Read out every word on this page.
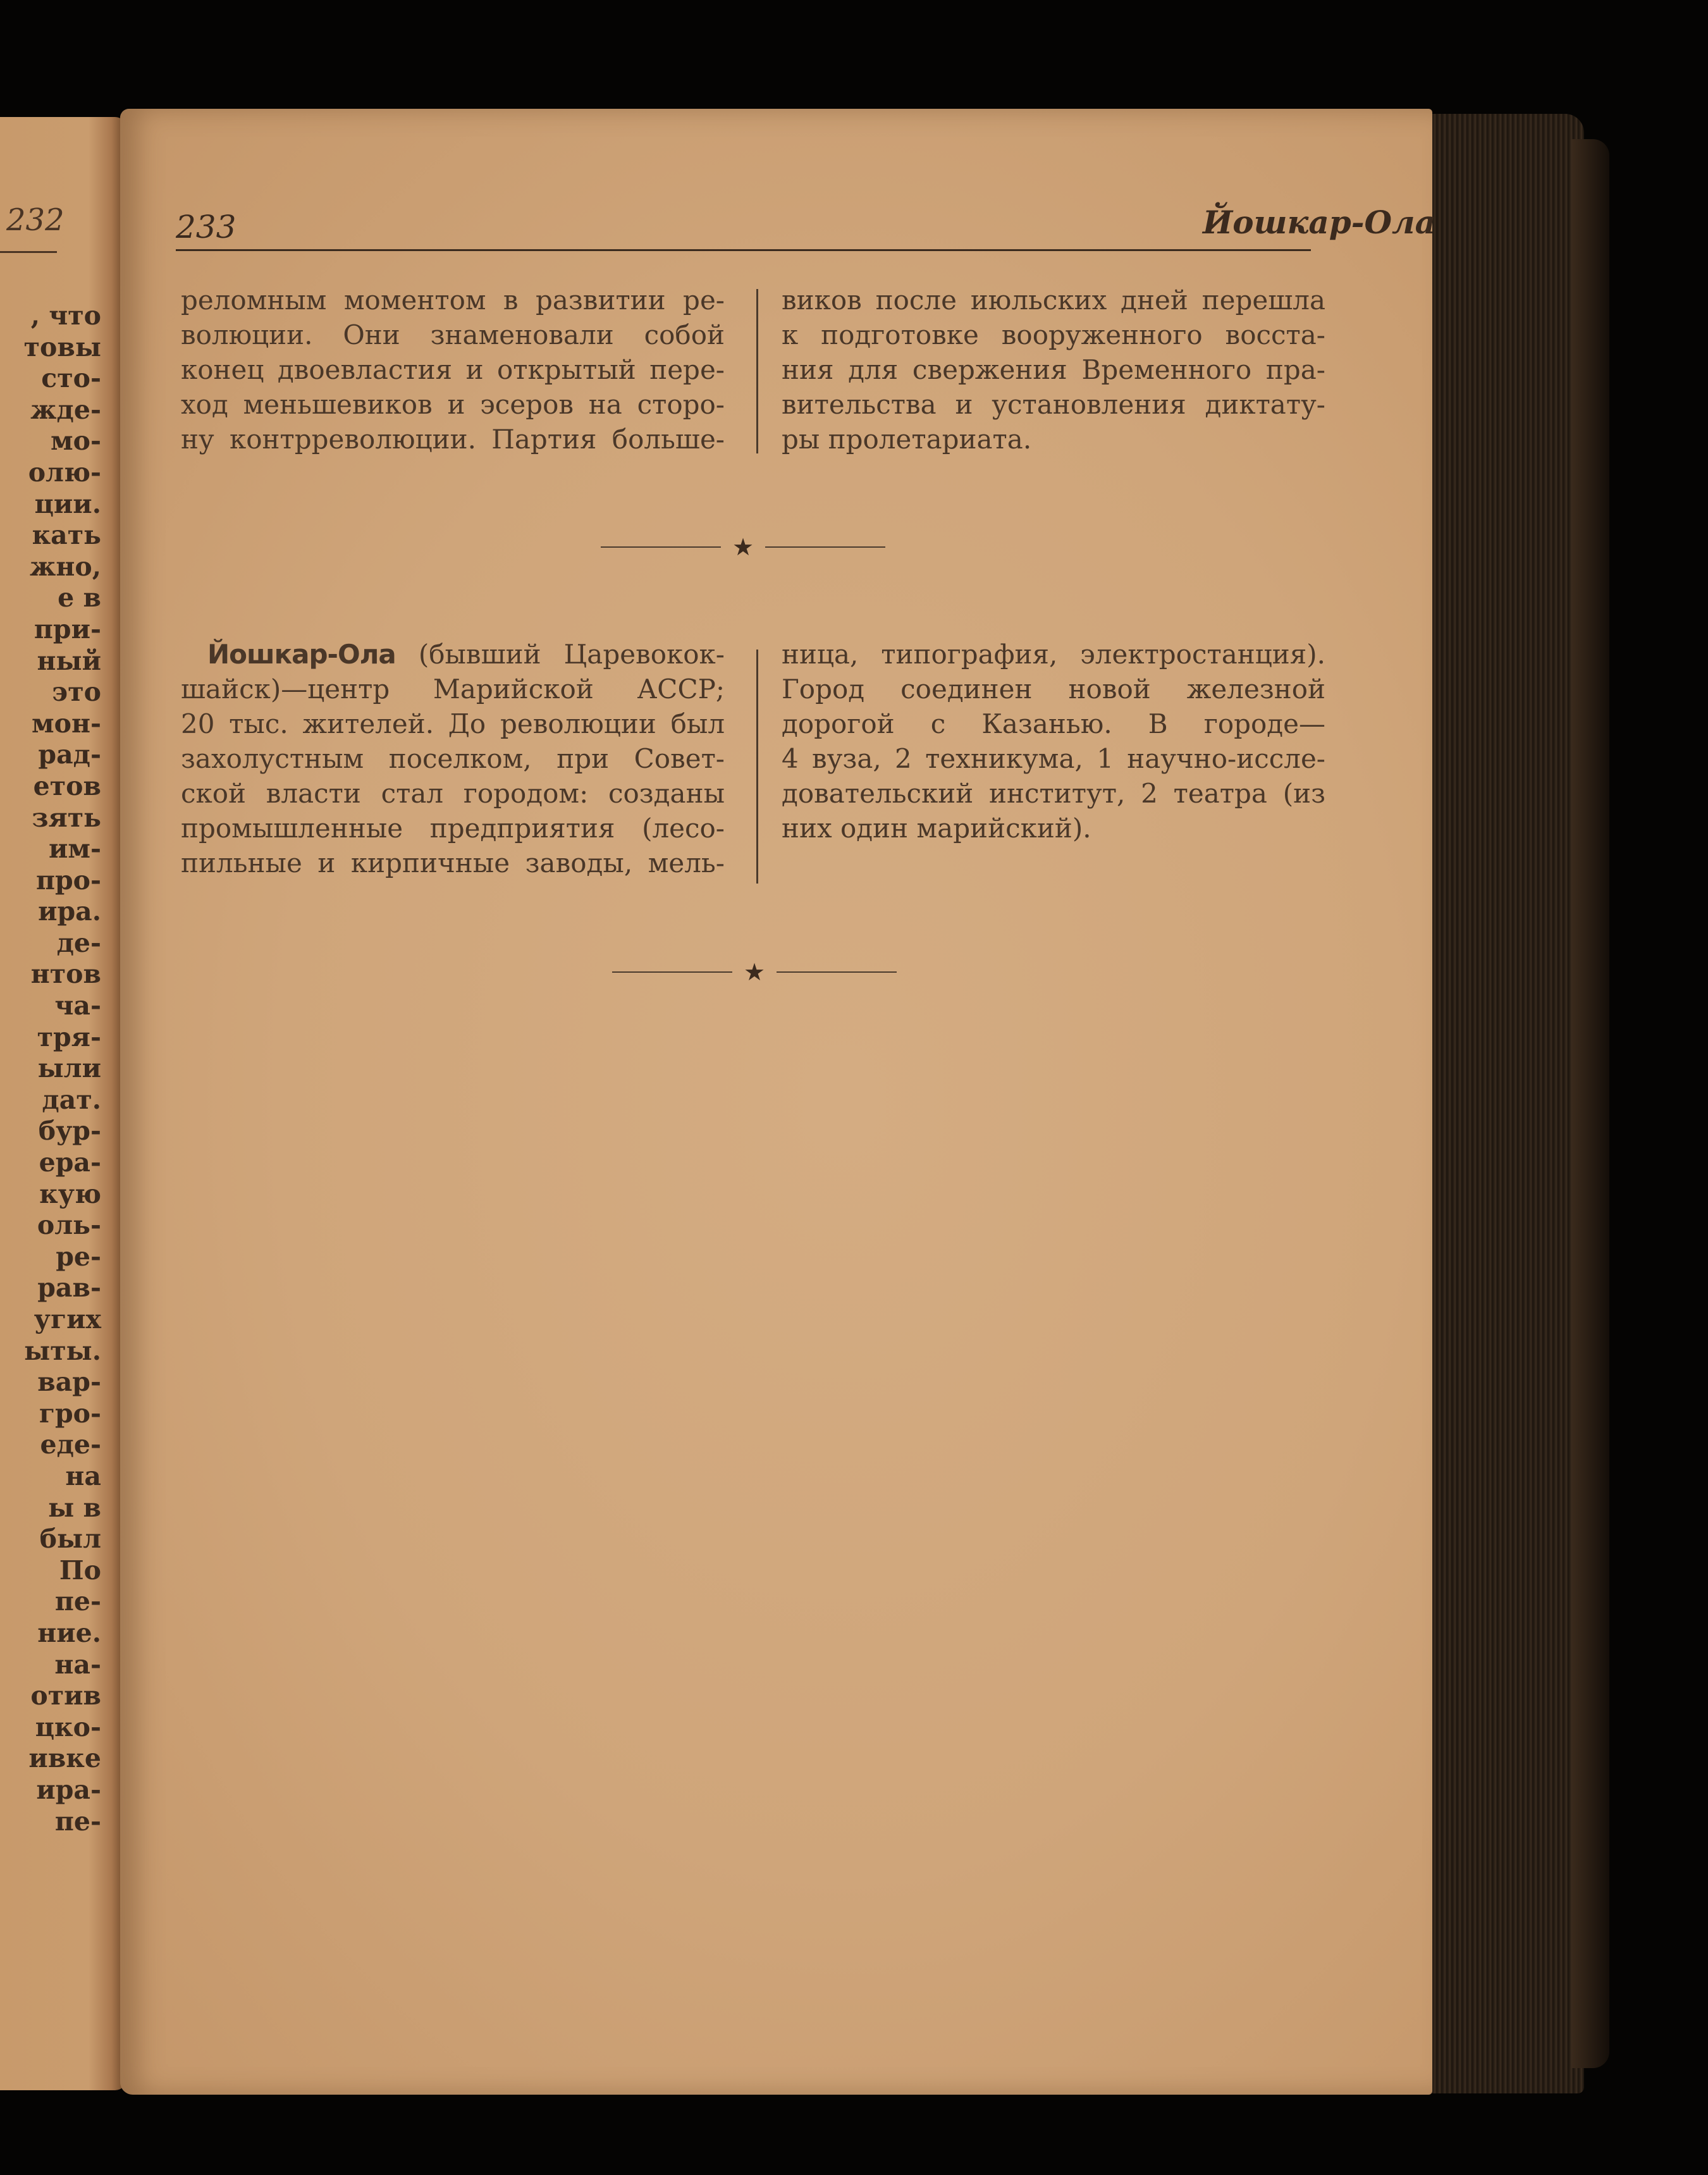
232
, что
товы
сто-
жде-
мо-
олю-
ции.
кать
жно,
е в
при-
ный
это
мон-
рад-
етов
зять
им-
про-
ира.
де-
нтов
ча-
тря-
ыли
дат.
бур-
ера-
кую
оль-
ре-
рав-
угих
ыты.
вар-
гро-
еде-
на
ы в
был
По
пе-
ние.
на-
отив
цко-
ивке
ира-
пе-
233	Йошкар-Ола
реломным моментом в развитии ре-
волюции. Они знаменовали собой
конец двоевластия и открытый пере-
ход меньшевиков и эсеров на сторо-
ну контрреволюции. Партия больше-
виков после июльских дней перешла
к подготовке вооруженного восста-
ния для свержения Временного пра-
вительства и установления диктату-
ры пролетариата.
★
 Йошкар-Ола (бывший Царевокок-
шайск)—центр Марийской АССР;
20 тыс. жителей. До революции был
захолустным поселком, при Совет-
ской власти стал городом: созданы
промышленные предприятия (лесо-
пильные и кирпичные заводы, мель-
ница, типография, электростанция).
Город соединен новой железной
дорогой с Казанью. В городе—
4 вуза, 2 техникума, 1 научно-иссле-
довательский институт, 2 театра (из
них один марийский).
★
